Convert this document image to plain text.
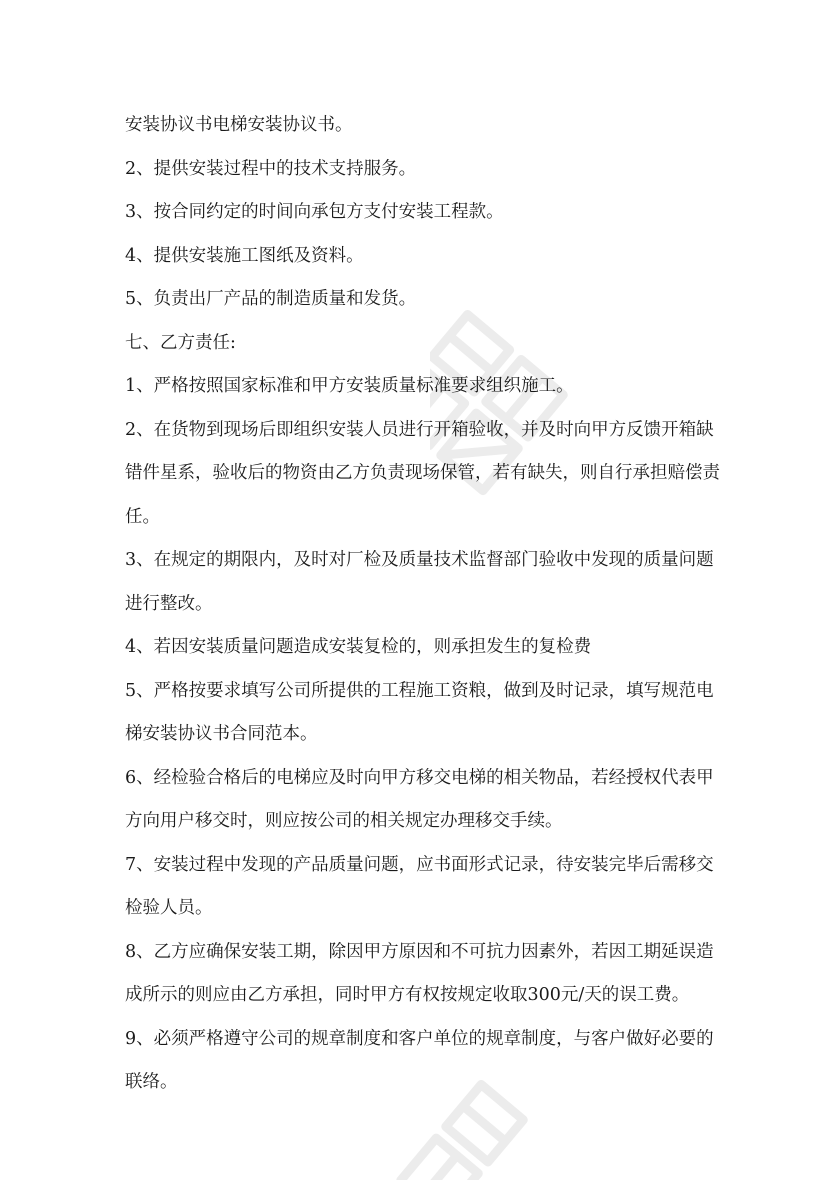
安装协议书电梯安装协议书。

2、提供安装过程中的技术支持服务。

3、按合同约定的时间向承包方支付安装工程款。

4、提供安装施工图纸及资料。

5、负责出厂产品的制造质量和发货。

七、乙方责任:

1、严格按照国家标准和甲方安装质量标准要求组织施工。

2、在货物到现场后即组织安装人员进行开箱验收，并及时向甲方反馈开箱缺错件星系，验收后的物资由乙方负责现场保管，若有缺失，则自行承担赔偿责任。

3、在规定的期限内，及时对厂检及质量技术监督部门验收中发现的质量问题进行整改。

4、若因安装质量问题造成安装复检的，则承担发生的复检费

5、严格按要求填写公司所提供的工程施工资粮，做到及时记录，填写规范电梯安装协议书合同范本。

6、经检验合格后的电梯应及时向甲方移交电梯的相关物品，若经授权代表甲方向用户移交时，则应按公司的相关规定办理移交手续。

7、安装过程中发现的产品质量问题，应书面形式记录，待安装完毕后需移交检验人员。

8、乙方应确保安装工期，除因甲方原因和不可抗力因素外，若因工期延误造成所示的则应由乙方承担，同时甲方有权按规定收取300元/天的误工费。

9、必须严格遵守公司的规章制度和客户单位的规章制度，与客户做好必要的联络。
